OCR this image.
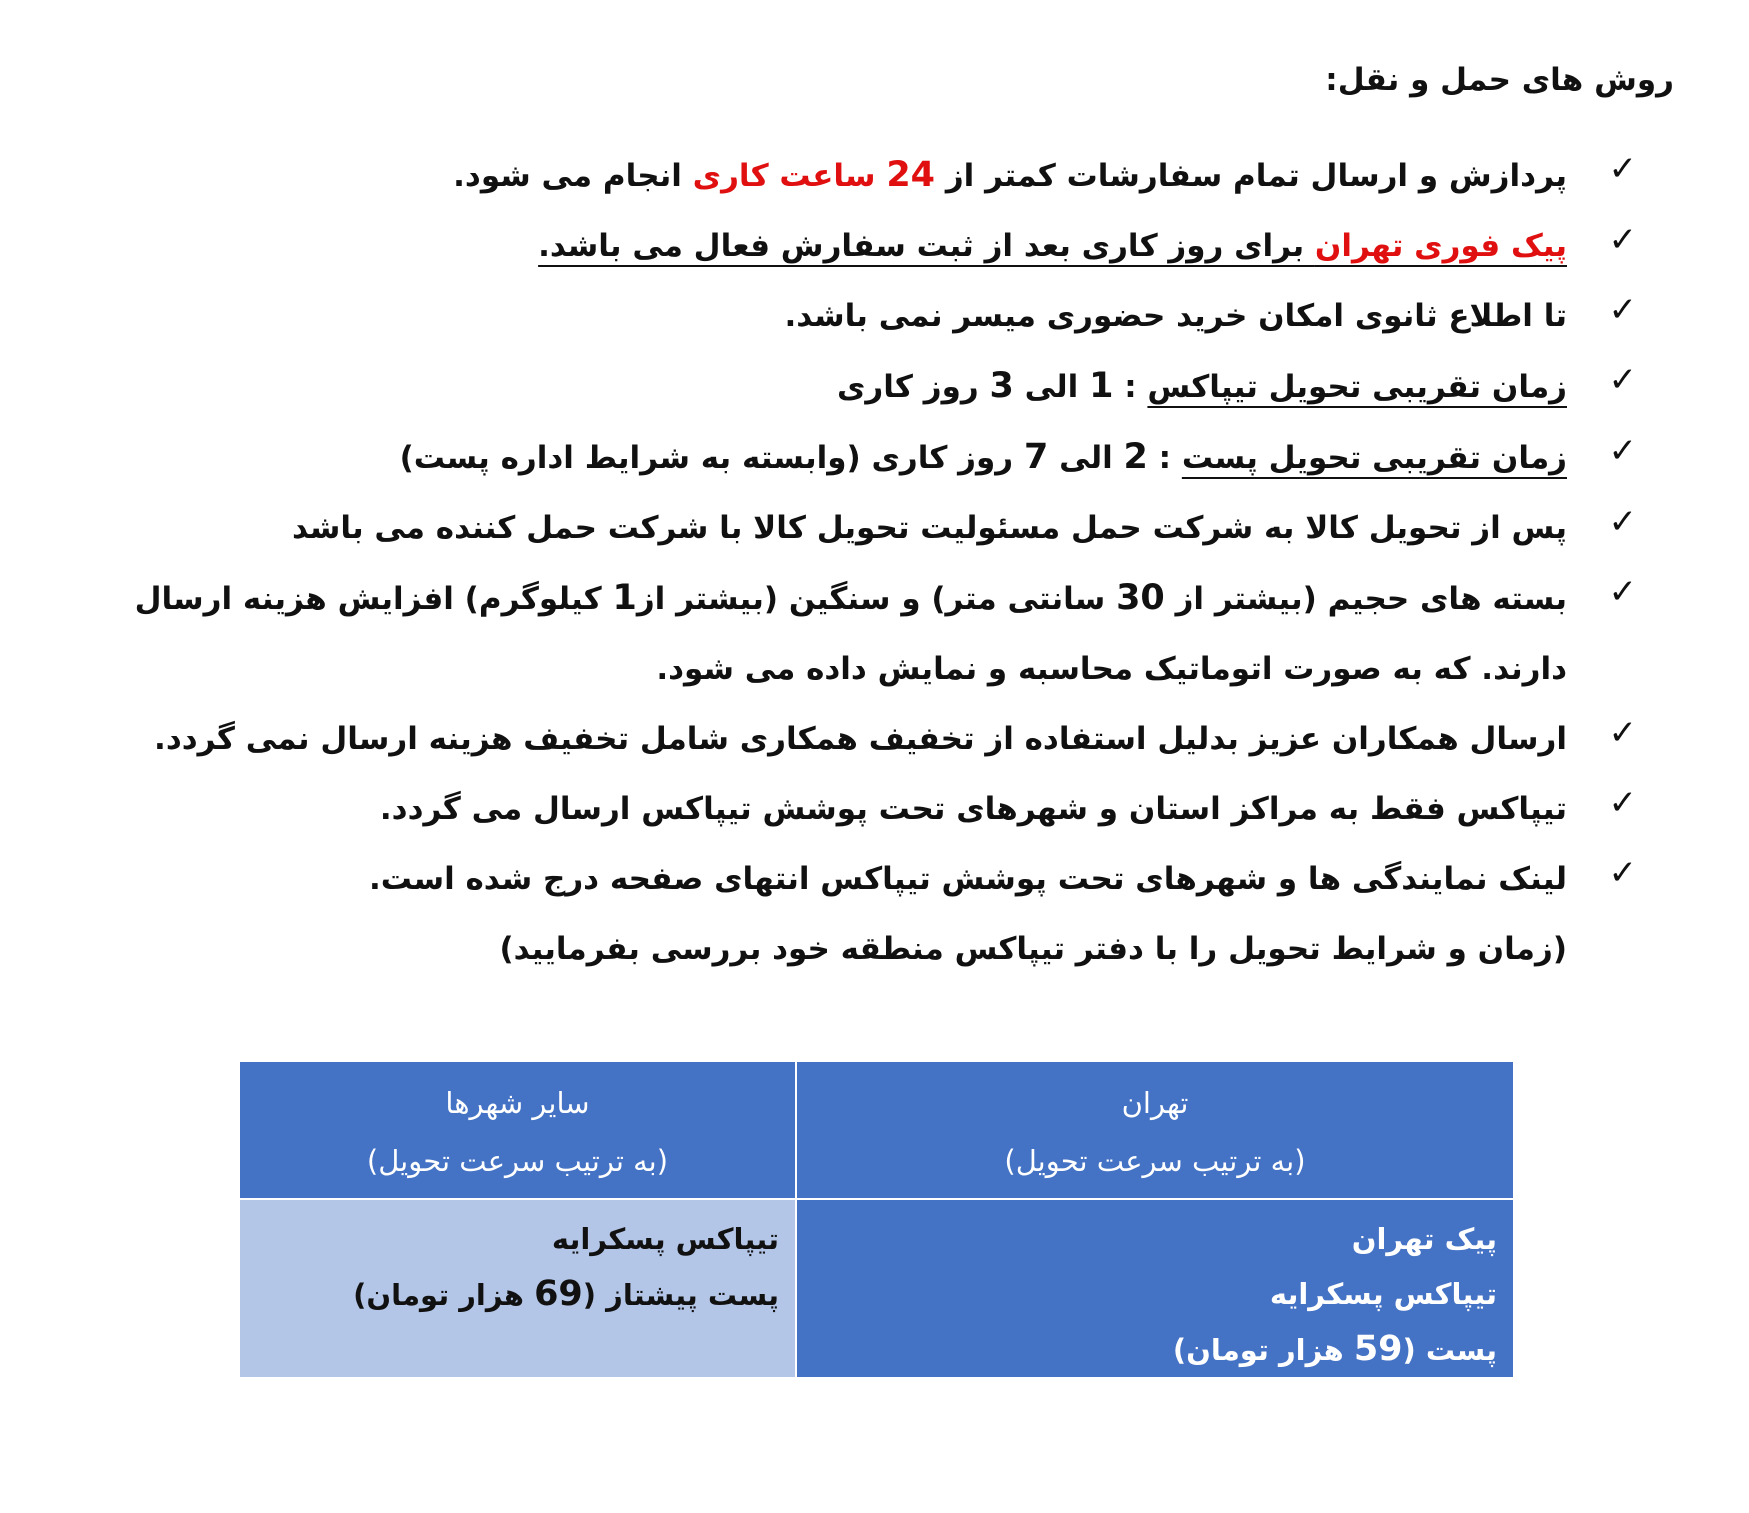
روش های حمل و نقل:
✓
پردازش و ارسال تمام سفارشات کمتر از 24 ساعت کاری انجام می شود.
✓
پیک فوری تهران برای روز کاری بعد از ثبت سفارش فعال می باشد.
✓
تا اطلاع ثانوی امکان خرید حضوری میسر نمی باشد.
✓
زمان تقریبی تحویل تیپاکس : 1 الی 3 روز کاری
✓
زمان تقریبی تحویل پست : 2 الی 7 روز کاری (وابسته به شرایط اداره پست)
✓
پس از تحویل کالا به شرکت حمل مسئولیت تحویل کالا با شرکت حمل کننده می باشد
✓
بسته های حجیم (بیشتر از 30 سانتی متر) و سنگین (بیشتر از1 کیلوگرم) افزایش هزینه ارسال دارند. که به صورت اتوماتیک محاسبه و نمایش داده می شود.
✓
ارسال همکاران عزیز بدلیل استفاده از تخفیف همکاری شامل تخفیف هزینه ارسال نمی گردد.
✓
تیپاکس فقط به مراکز استان و شهرهای تحت پوشش تیپاکس ارسال می گردد.
✓
لینک نمایندگی ها و شهرهای تحت پوشش تیپاکس انتهای صفحه درج شده است.
(زمان و شرایط تحویل را با دفتر تیپاکس منطقه خود بررسی بفرمایید)
تهران
(به ترتیب سرعت تحویل)
سایر شهرها
(به ترتیب سرعت تحویل)
پیک تهران
تیپاکس پسکرایه
پست (59 هزار تومان)
تیپاکس پسکرایه
پست پیشتاز (69 هزار تومان)
